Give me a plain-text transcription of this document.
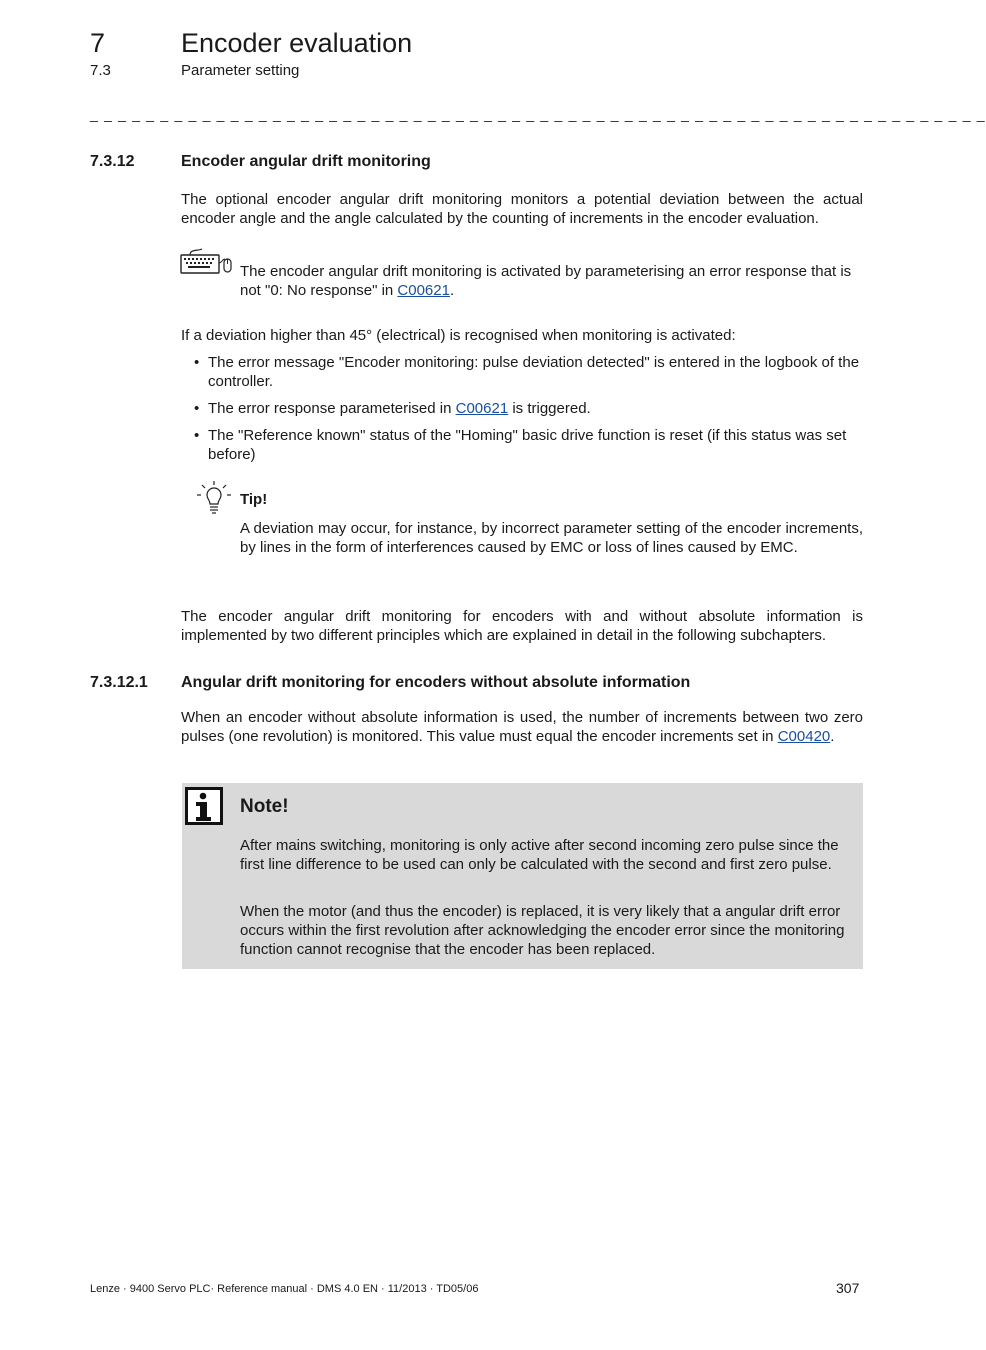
7	Encoder evaluation
7.3	Parameter setting
_ _ _ _ _ _ _ _ _ _ _ _ _ _ _ _ _ _ _ _ _ _ _ _ _ _ _ _ _ _ _ _ _ _ _ _ _ _ _ _ _ _ _ _ _ _ _ _ _ _ _ _ _ _ _ _ _ _ _ _ _ _ _ _
7.3.12	Encoder angular drift monitoring
The optional encoder angular drift monitoring monitors a potential deviation between the actual encoder angle and the angle calculated by the counting of increments in the encoder evaluation.
The encoder angular drift monitoring is activated by parameterising an error response that is not "0: No response" in C00621.
If a deviation higher than 45° (electrical) is recognised when monitoring is activated:
• The error message "Encoder monitoring: pulse deviation detected" is entered in the logbook of the controller.
• The error response parameterised in C00621 is triggered.
• The "Reference known" status of the "Homing" basic drive function is reset (if this status was set before)
Tip!
A deviation may occur, for instance, by incorrect parameter setting of the encoder increments, by lines in the form of interferences caused by EMC or loss of lines caused by EMC.
The encoder angular drift monitoring for encoders with and without absolute information is implemented by two different principles which are explained in detail in the following subchapters.
7.3.12.1 Angular drift monitoring for encoders without absolute information
When an encoder without absolute information is used, the number of increments between two zero pulses (one revolution) is monitored. This value must equal the encoder increments set in C00420.
Note!
After mains switching, monitoring is only active after second incoming zero pulse since the first line difference to be used can only be calculated with the second and first zero pulse.
When the motor (and thus the encoder) is replaced, it is very likely that a angular drift error occurs within the first revolution after acknowledging the encoder error since the monitoring function cannot recognise that the encoder has been replaced.
Lenze · 9400 Servo PLC· Reference manual · DMS 4.0 EN · 11/2013 · TD05/06	307
